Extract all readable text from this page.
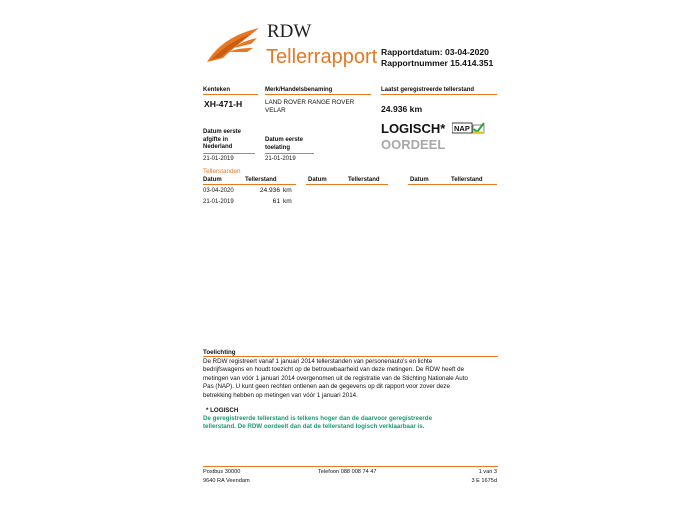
RDW
Tellerrapport Rapportdatum: 03-04-2020
Rapportnummer 15.414.351
Kenteken	Merk/Handelsbenaming	Laatst geregistreerde tellerstand
XH-471-H	LAND ROVER RANGE ROVER
VELAR	24.936 km
LOGISCH* NAP
OORDEEL
Datum eerste
afgifte in
Nederland
Datum eerste
toelating
21-01-2019	21-01-2019
Tellerstanden
Datum	Tellerstand	Datum	Tellerstand	Datum	Tellerstand
03-04-2020	24.936 km
21-01-2019	61 km
Toelichting
De RDW registreert vanaf 1 januari 2014 tellerstanden van personenauto's en lichte
bedrijfswagens en houdt toezicht op de betrouwbaarheid van deze metingen. De RDW heeft de
metingen van vóór 1 januari 2014 overgenomen uit de registratie van de Stichting Nationale Auto
Pas (NAP). U kunt geen rechten ontlenen aan de gegevens op dit rapport voor zover deze
betrekking hebben op metingen van vóór 1 januari 2014.
* LOGISCH
De geregistreerde tellerstand is telkens hoger dan de daarvoor geregistreerde
tellerstand. De RDW oordeelt dan dat de tellerstand logisch verklaarbaar is.
Postbus 30000
9640 RA Veendam
Telefoon 088 008 74 47	1 van 3
3 E 1675d
